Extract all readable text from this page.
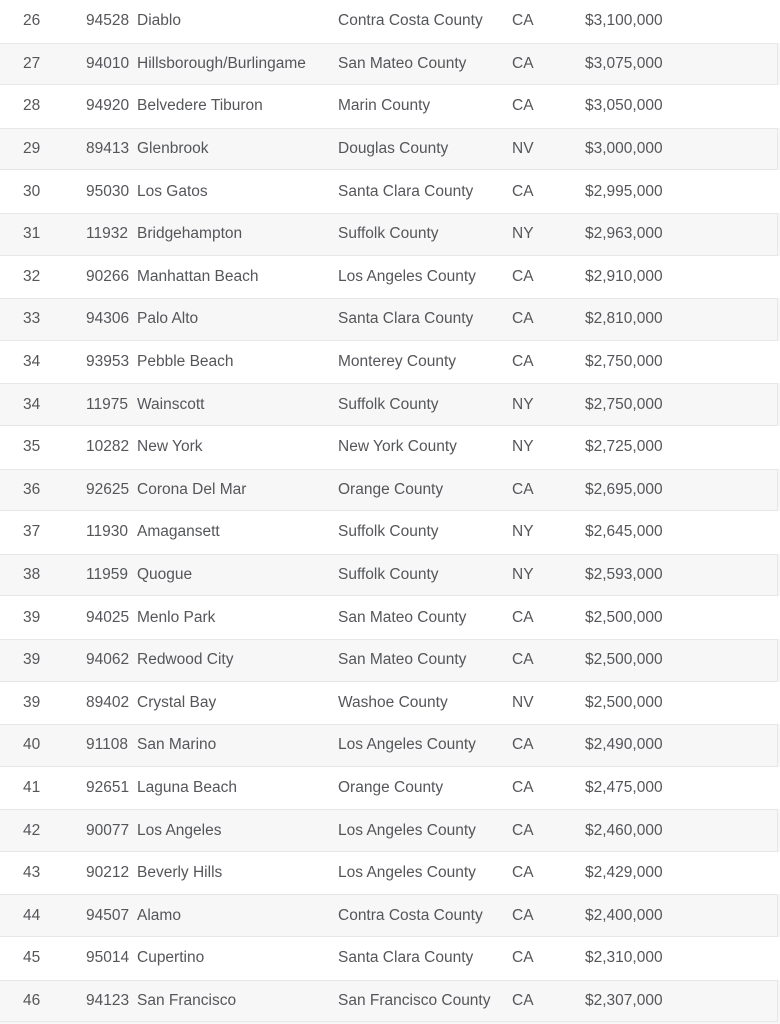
26	94528 Diablo	Contra Costa County	CA	$3,100,000
27	94010 Hillsborough/Burlingame	San Mateo County	CA	$3,075,000
28	94920 Belvedere Tiburon	Marin County	CA	$3,050,000
29	89413 Glenbrook	Douglas County	NV	$3,000,000
30	95030 Los Gatos	Santa Clara County	CA	$2,995,000
31	11932 Bridgehampton	Suffolk County	NY	$2,963,000
32	90266 Manhattan Beach	Los Angeles County	CA	$2,910,000
33	94306 Palo Alto	Santa Clara County	CA	$2,810,000
34	93953 Pebble Beach	Monterey County	CA	$2,750,000
34	11975 Wainscott	Suffolk County	NY	$2,750,000
35	10282 New York	New York County	NY	$2,725,000
36	92625 Corona Del Mar	Orange County	CA	$2,695,000
37	11930 Amagansett	Suffolk County	NY	$2,645,000
38	11959 Quogue	Suffolk County	NY	$2,593,000
39	94025 Menlo Park	San Mateo County	CA	$2,500,000
39	94062 Redwood City	San Mateo County	CA	$2,500,000
39	89402 Crystal Bay	Washoe County	NV	$2,500,000
40	91108 San Marino	Los Angeles County	CA	$2,490,000
41	92651 Laguna Beach	Orange County	CA	$2,475,000
42	90077 Los Angeles	Los Angeles County	CA	$2,460,000
43	90212 Beverly Hills	Los Angeles County	CA	$2,429,000
44	94507 Alamo	Contra Costa County	CA	$2,400,000
45	95014 Cupertino	Santa Clara County	CA	$2,310,000
46	94123 San Francisco	San Francisco County	CA	$2,307,000
